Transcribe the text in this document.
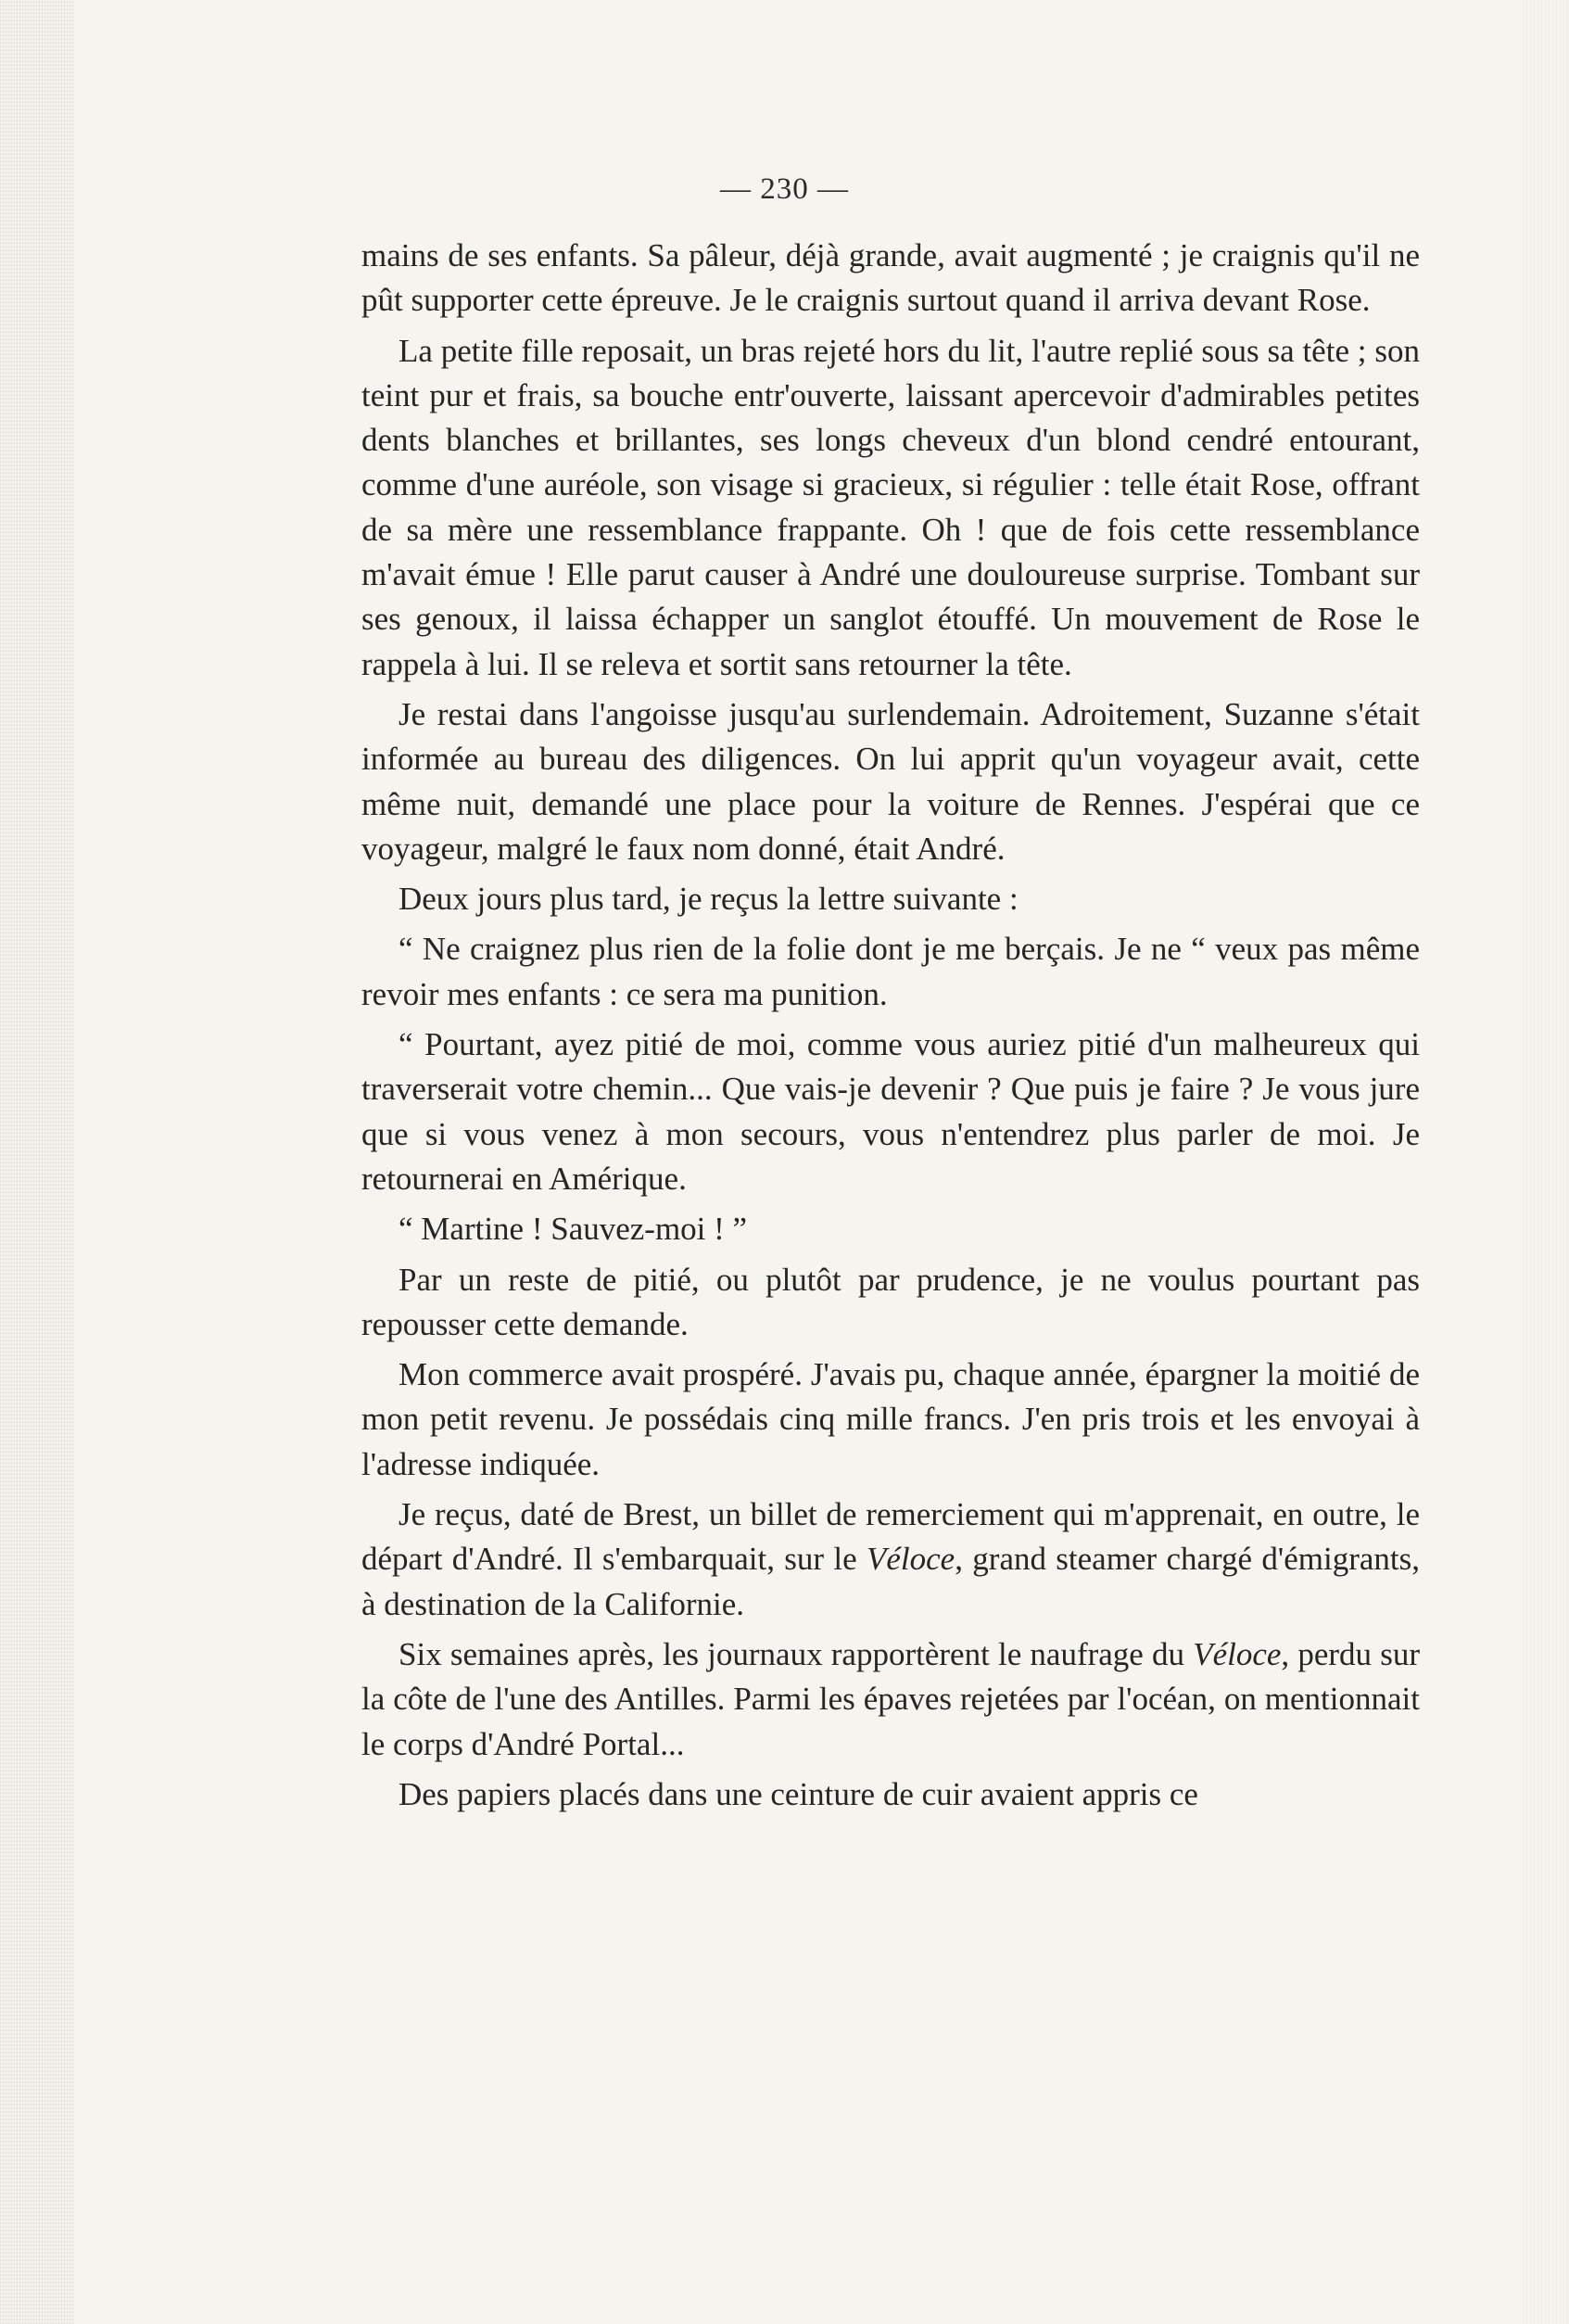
— 230 —

mains de ses enfants. Sa pâleur, déjà grande, avait augmenté ; je craignis qu'il ne pût supporter cette épreuve. Je le craignis surtout quand il arriva devant Rose.

La petite fille reposait, un bras rejeté hors du lit, l'autre replié sous sa tête ; son teint pur et frais, sa bouche entr'ouverte, laissant apercevoir d'admirables petites dents blanches et brillantes, ses longs cheveux d'un blond cendré entourant, comme d'une auréole, son visage si gracieux, si régulier : telle était Rose, offrant de sa mère une ressemblance frappante. Oh ! que de fois cette ressemblance m'avait émue ! Elle parut causer à André une douloureuse surprise. Tombant sur ses genoux, il laissa échapper un sanglot étouffé. Un mouvement de Rose le rappela à lui. Il se releva et sortit sans retourner la tête.

Je restai dans l'angoisse jusqu'au surlendemain. Adroitement, Suzanne s'était informée au bureau des diligences. On lui apprit qu'un voyageur avait, cette même nuit, demandé une place pour la voiture de Rennes. J'espérai que ce voyageur, malgré le faux nom donné, était André.

Deux jours plus tard, je reçus la lettre suivante :

“ Ne craignez plus rien de la folie dont je me berçais. Je ne “ veux pas même revoir mes enfants : ce sera ma punition.

“ Pourtant, ayez pitié de moi, comme vous auriez pitié d'un malheureux qui traverserait votre chemin... Que vais-je devenir ? Que puis je faire ? Je vous jure que si vous venez à mon secours, vous n'entendrez plus parler de moi. Je retournerai en Amérique.

“ Martine ! Sauvez-moi ! ”

Par un reste de pitié, ou plutôt par prudence, je ne voulus pourtant pas repousser cette demande.

Mon commerce avait prospéré. J'avais pu, chaque année, épargner la moitié de mon petit revenu. Je possédais cinq mille francs. J'en pris trois et les envoyai à l'adresse indiquée.

Je reçus, daté de Brest, un billet de remerciement qui m'apprenait, en outre, le départ d'André. Il s'embarquait, sur le Véloce, grand steamer chargé d'émigrants, à destination de la Californie.

Six semaines après, les journaux rapportèrent le naufrage du Véloce, perdu sur la côte de l'une des Antilles. Parmi les épaves rejetées par l'océan, on mentionnait le corps d'André Portal...

Des papiers placés dans une ceinture de cuir avaient appris ce
